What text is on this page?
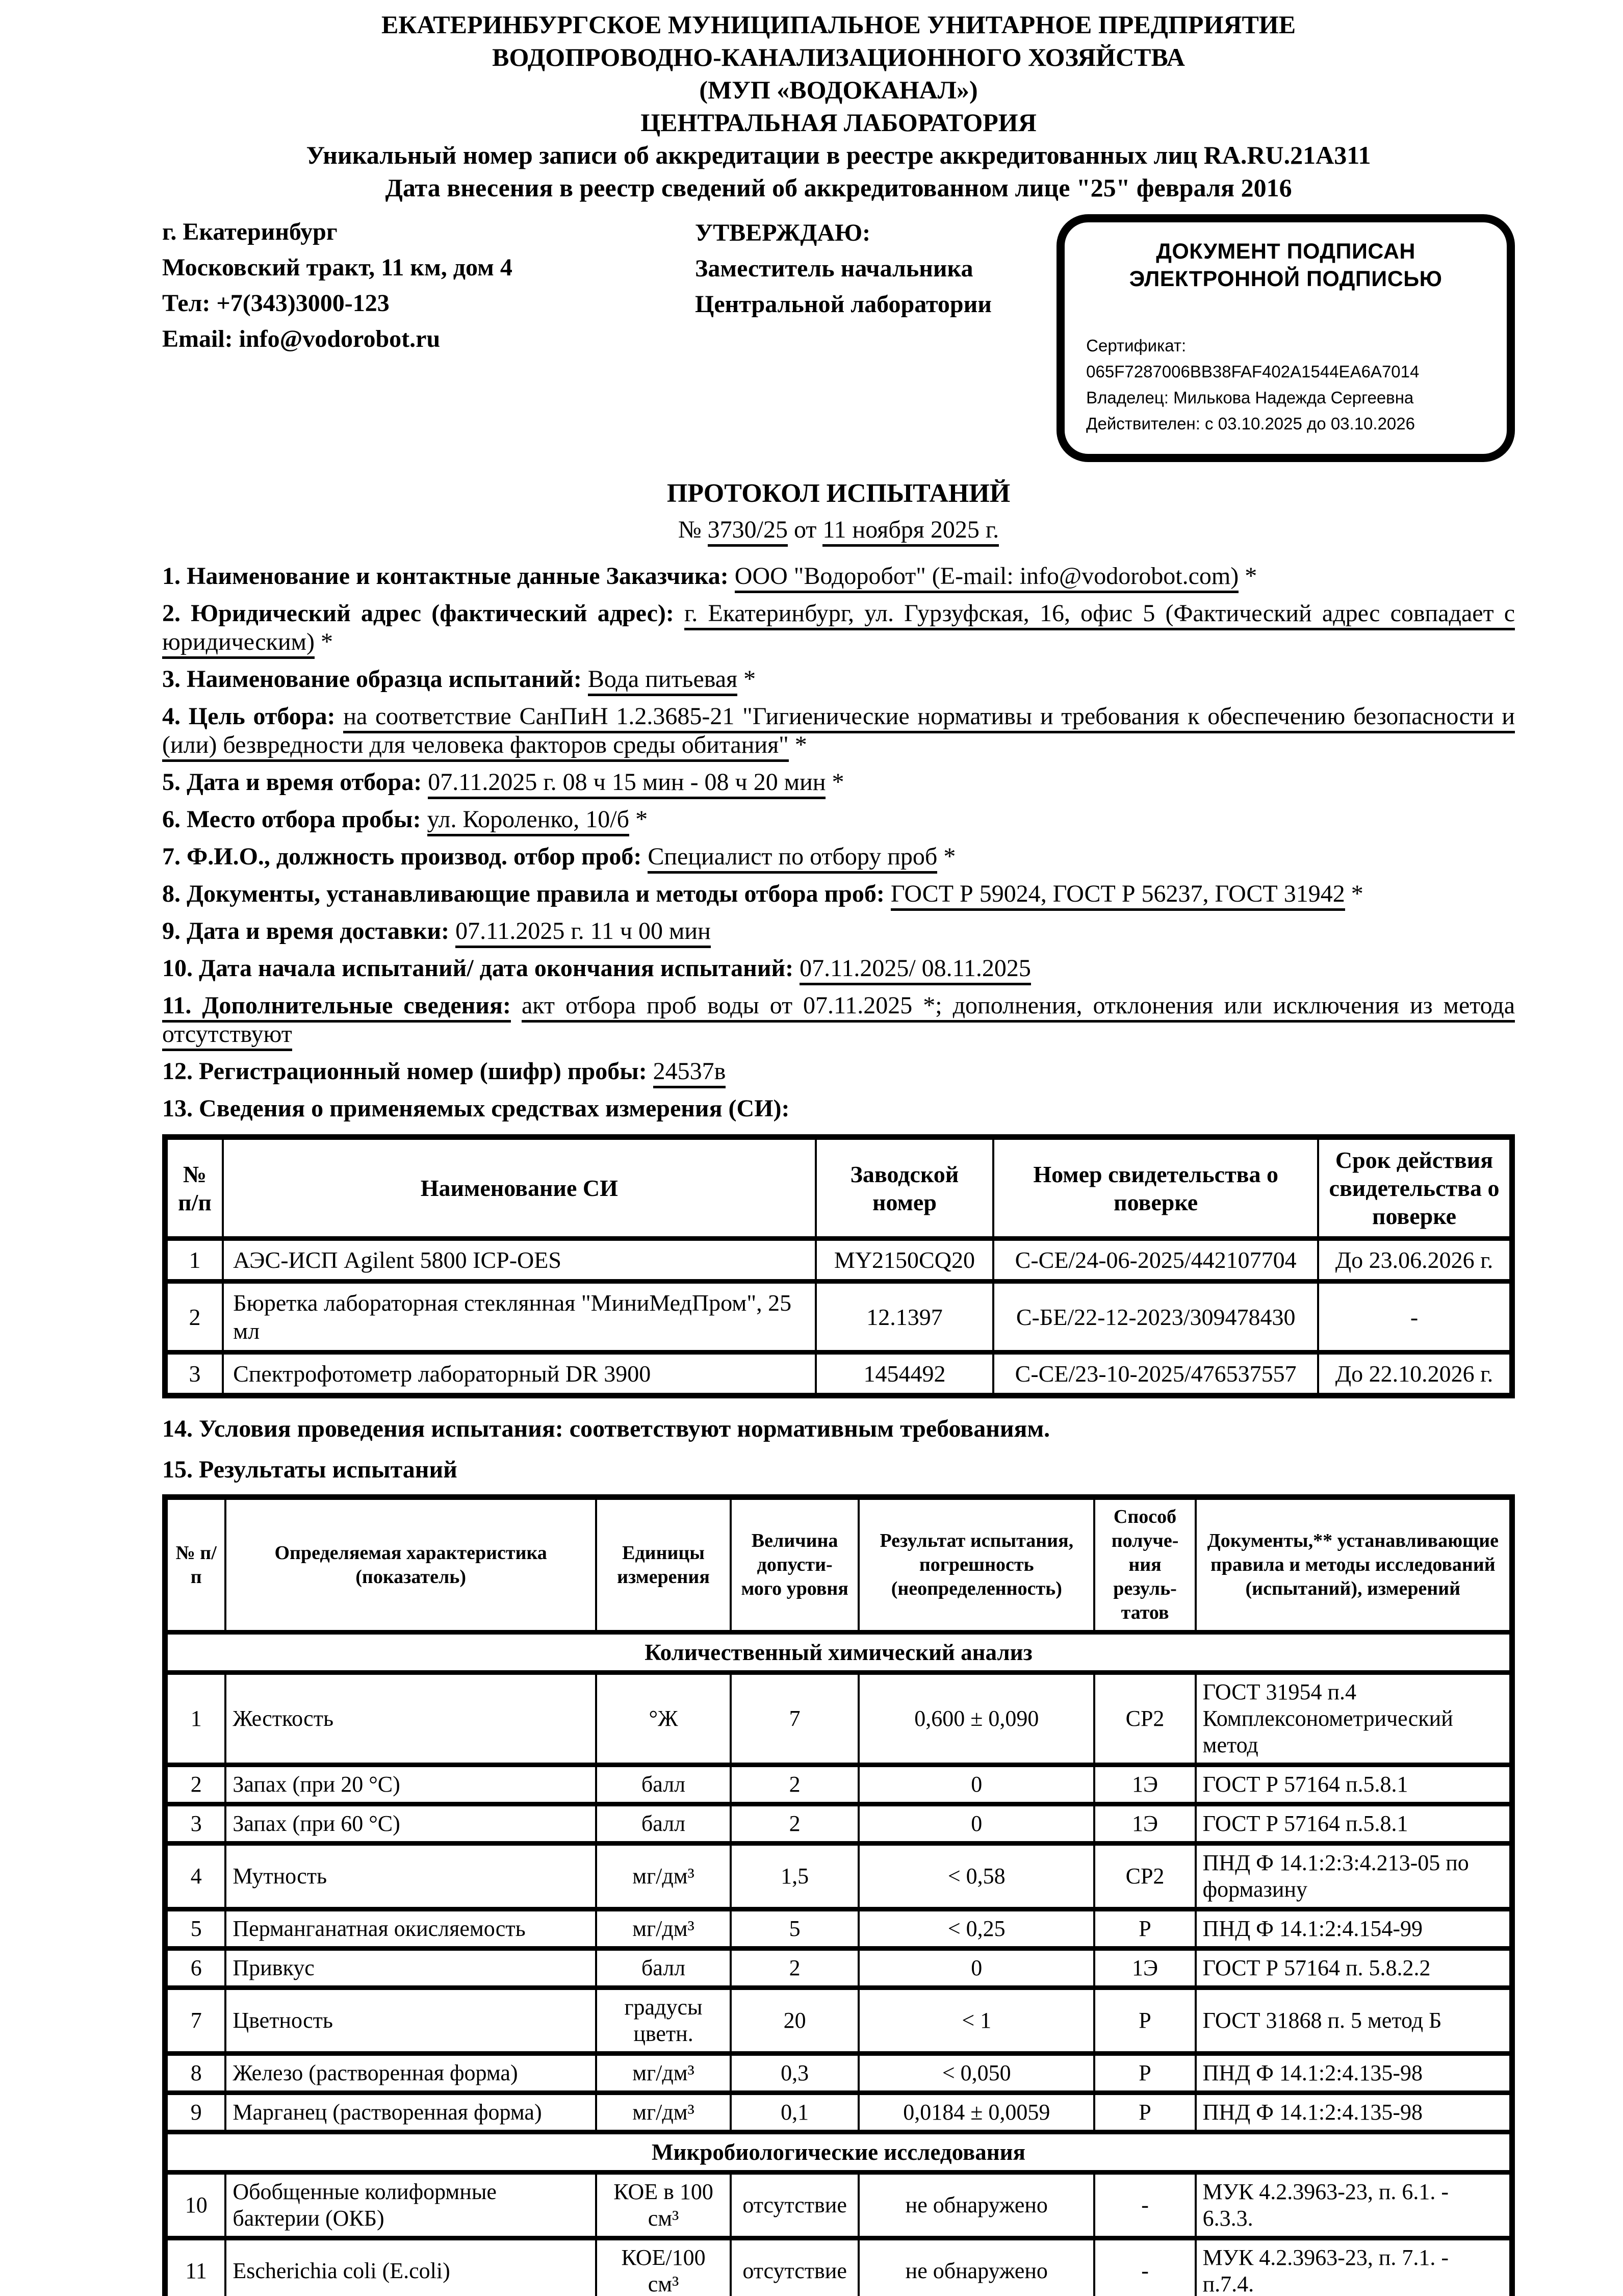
ЕКАТЕРИНБУРГСКОЕ МУНИЦИПАЛЬНОЕ УНИТАРНОЕ ПРЕДПРИЯТИЕ
ВОДОПРОВОДНО-КАНАЛИЗАЦИОННОГО ХОЗЯЙСТВА
(МУП «ВОДОКАНАЛ»)
ЦЕНТРАЛЬНАЯ ЛАБОРАТОРИЯ
Уникальный номер записи об аккредитации в реестре аккредитованных лиц RA.RU.21А311
Дата внесения в реестр сведений об аккредитованном лице "25" февраля 2016
г. Екатеринбург
Московский тракт, 11 км, дом 4
Тел: +7(343)3000-123
Email: info@vodorobot.ru
УТВЕРЖДАЮ:
Заместитель начальника
Центральной лаборатории
ДОКУМЕНТ ПОДПИСАН
ЭЛЕКТРОННОЙ ПОДПИСЬЮ
Сертификат: 065F7287006BB38FAF402A1544EA6A7014
Владелец: Милькова Надежда Сергеевна
Действителен: с 03.10.2025 до 03.10.2026
ПРОТОКОЛ ИСПЫТАНИЙ
№ 3730/25 от 11 ноября 2025 г.

1. Наименование и контактные данные Заказчика: ООО "Водоробот" (E-mail: info@vodorobot.com) *

2. Юридический адрес (фактический адрес): г. Екатеринбург, ул. Гурзуфская, 16, офис 5 (Фактический адрес совпадает с юридическим) *

3. Наименование образца испытаний: Вода питьевая *

4. Цель отбора: на соответствие СанПиН 1.2.3685-21 "Гигиенические нормативы и требования к обеспечению безопасности и (или) безвредности для человека факторов среды обитания" *

5. Дата и время отбора: 07.11.2025 г. 08 ч 15 мин - 08 ч 20 мин *

6. Место отбора пробы: ул. Короленко, 10/б *

7. Ф.И.О., должность производ. отбор проб: Специалист по отбору проб *

8. Документы, устанавливающие правила и методы отбора проб: ГОСТ Р 59024, ГОСТ Р 56237, ГОСТ 31942 *

9. Дата и время доставки: 07.11.2025 г. 11 ч 00 мин

10. Дата начала испытаний/ дата окончания испытаний: 07.11.2025/ 08.11.2025

11. Дополнительные сведения: акт отбора проб воды от 07.11.2025 *; дополнения, отклонения или исключения из метода отсутствуют

12. Регистрационный номер (шифр) пробы: 24537в

13. Сведения о применяемых средствах измерения (СИ):

№ п/п	Наименование СИ	Заводской номер	Номер свидетельства о поверке	Срок действия свидетельства о поверке
1	АЭС-ИСП Agilent 5800 ICP-OES	MY2150CQ20	С-СЕ/24-06-2025/442107704	До 23.06.2026 г.
2	Бюретка лабораторная стеклянная "МиниМедПром", 25 мл	12.1397	С-БЕ/22-12-2023/309478430	-
3	Спектрофотометр лабораторный DR 3900	1454492	С-СЕ/23-10-2025/476537557	До 22.10.2026 г.

14. Условия проведения испытания: соответствуют нормативным требованиям.

15. Результаты испытаний

№ п/п	Определяемая характеристика (показатель)	Единицы измерения	Величина допусти- мого уровня	Результат испытания, погрешность (неопределенность)	Способ получе- ния резуль- татов	Документы,** устанавливающие правила и методы исследований (испытаний), измерений
Количественный химический анализ						
1	Жесткость	°Ж	7	0,600 ± 0,090	СР2	ГОСТ 31954 п.4 Комплексонометрический метод
2	Запах (при 20 °С)	балл	2	0	1Э	ГОСТ Р 57164 п.5.8.1
3	Запах (при 60 °С)	балл	2	0	1Э	ГОСТ Р 57164 п.5.8.1
4	Мутность	мг/дм³	1,5	< 0,58	СР2	ПНД Ф 14.1:2:3:4.213-05 по формазину
5	Перманганатная окисляемость	мг/дм³	5	< 0,25	Р	ПНД Ф 14.1:2:4.154-99
6	Привкус	балл	2	0	1Э	ГОСТ Р 57164 п. 5.8.2.2
7	Цветность	градусы цветн.	20	< 1	Р	ГОСТ 31868 п. 5 метод Б
8	Железо (растворенная форма)	мг/дм³	0,3	< 0,050	Р	ПНД Ф 14.1:2:4.135-98
9	Марганец (растворенная форма)	мг/дм³	0,1	0,0184 ± 0,0059	Р	ПНД Ф 14.1:2:4.135-98
Микробиологические исследования						
10	Обобщенные колиформные бактерии (ОКБ)	КОЕ в 100 см³	отсутствие	не обнаружено	-	МУК 4.2.3963-23, п. 6.1. - 6.3.3.
11	Escherichia coli (E.coli)	КОЕ/100 см³	отсутствие	не обнаружено	-	МУК 4.2.3963-23, п. 7.1. - п.7.4.
